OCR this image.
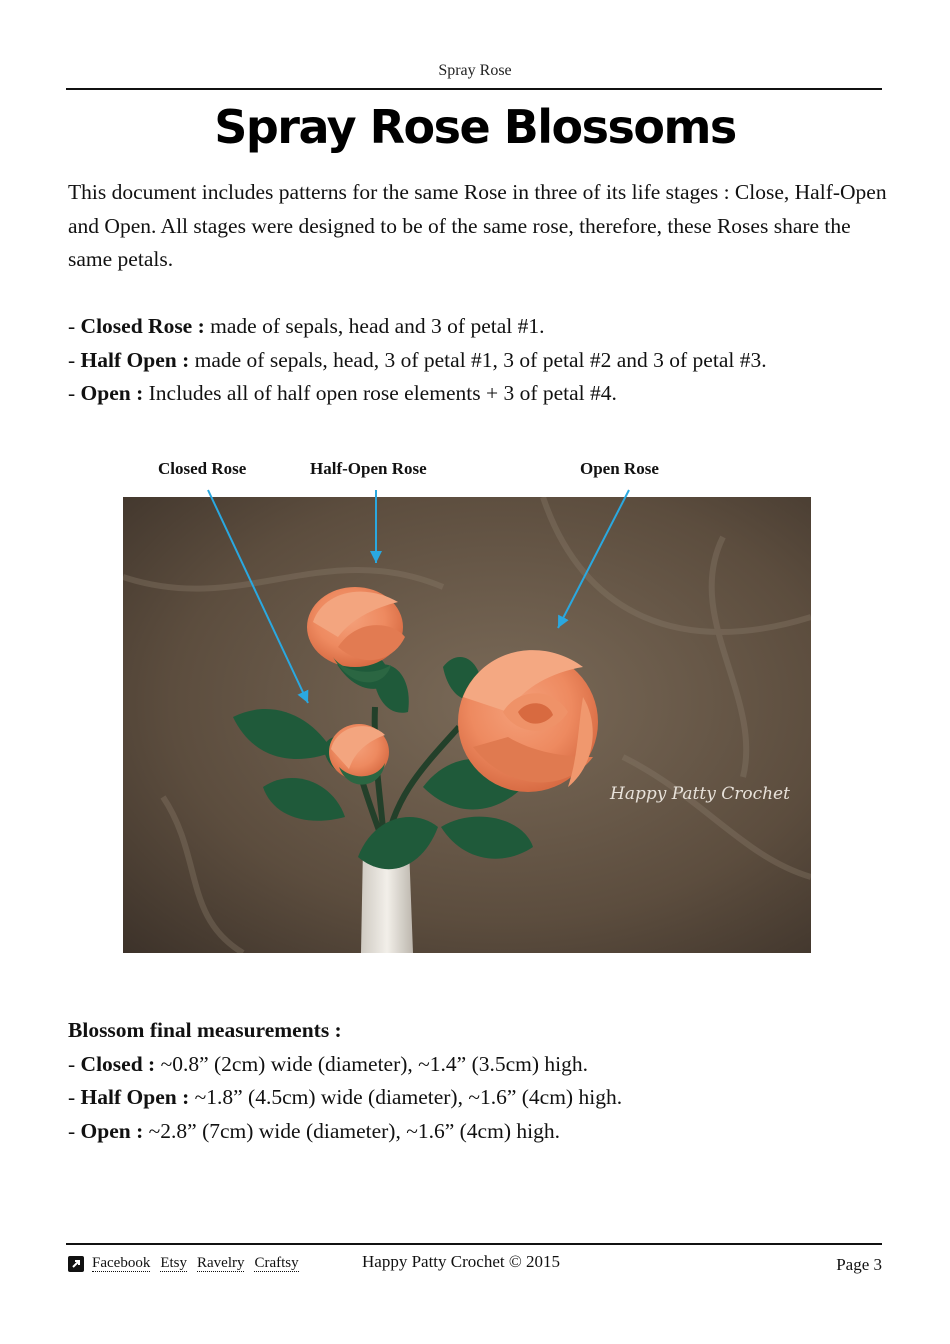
Spray Rose
Spray Rose Blossoms

This document includes patterns for the same Rose in three of its life stages : Close, Half-Open and Open. All stages were designed to be of the same rose, therefore, these Roses share the same petals.

- Closed Rose : made of sepals, head and 3 of petal #1.
- Half Open : made of sepals, head, 3 of petal #1, 3 of petal #2 and 3 of petal #3.
- Open : Includes all of half open rose elements + 3 of petal #4.
Closed Rose	Half-Open Rose	Open Rose
Happy Patty Crochet
Blossom final measurements :
- Closed : ~0.8” (2cm) wide (diameter), ~1.4” (3.5cm) high.
- Half Open : ~1.8” (4.5cm) wide (diameter), ~1.6” (4cm) high.
- Open : ~2.8” (7cm) wide (diameter), ~1.6” (4cm) high.
Facebook Etsy Ravelry Craftsy	Happy Patty Crochet © 2015	Page 3
